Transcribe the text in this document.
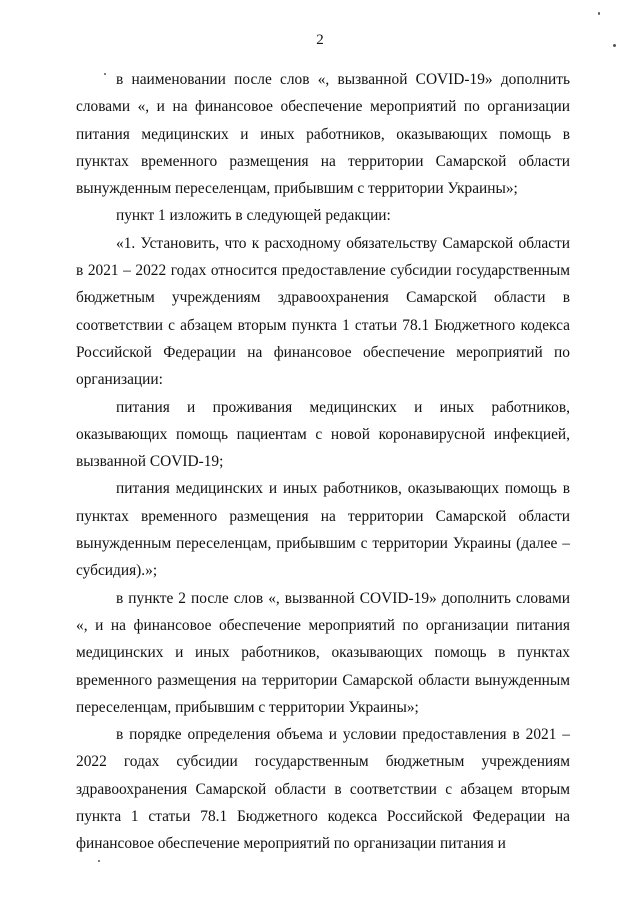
2

в наименовании после слов «, вызванной COVID-19» дополнить словами «, и на финансовое обеспечение мероприятий по организации питания медицинских и иных работников, оказывающих помощь в пунктах временного размещения на территории Самарской области вынужденным переселенцам, прибывшим с территории Украины»;

пункт 1 изложить в следующей редакции:

«1. Установить, что к расходному обязательству Самарской области в 2021 – 2022 годах относится предоставление субсидии государственным бюджетным учреждениям здравоохранения Самарской области в соответствии с абзацем вторым пункта 1 статьи 78.1 Бюджетного кодекса Российской Федерации на финансовое обеспечение мероприятий по организации:

питания и проживания медицинских и иных работников, оказывающих помощь пациентам с новой коронавирусной инфекцией, вызванной COVID-19;

питания медицинских и иных работников, оказывающих помощь в пунктах временного размещения на территории Самарской области вынужденным переселенцам, прибывшим с территории Украины (далее – субсидия).»;

в пункте 2 после слов «, вызванной COVID-19» дополнить словами «, и на финансовое обеспечение мероприятий по организации питания медицинских и иных работников, оказывающих помощь в пунктах временного размещения на территории Самарской области вынужденным переселенцам, прибывшим с территории Украины»;

в порядке определения объема и условии предоставления в 2021 – 2022 годах субсидии государственным бюджетным учреждениям здравоохранения Самарской области в соответствии с абзацем вторым пункта 1 статьи 78.1 Бюджетного кодекса Российской Федерации на финансовое обеспечение мероприятий по организации питания и
